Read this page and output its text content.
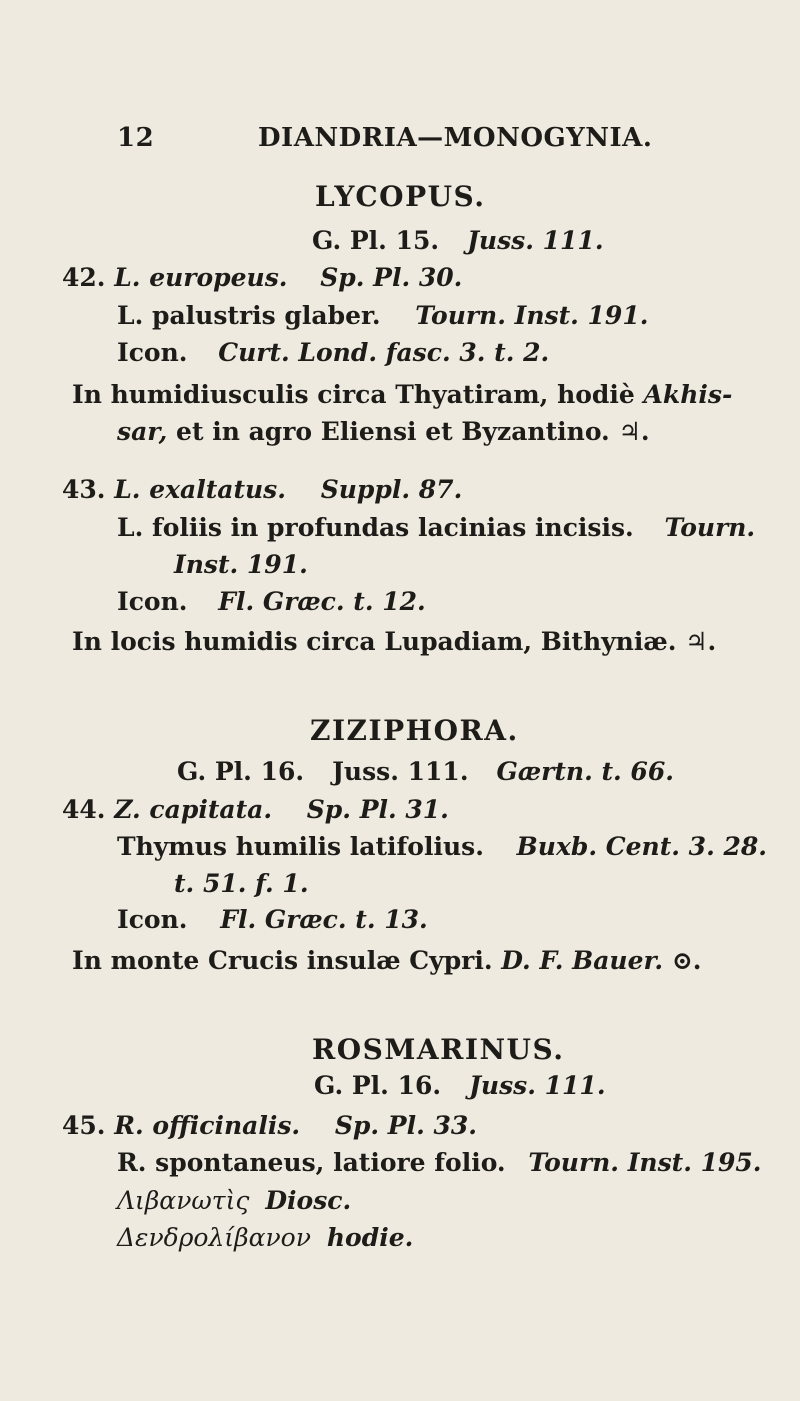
12	DIANDRIA—MONOGYNIA.
LYCOPUS.
G. Pl. 15. Juss. 111.
42. L. europeus. Sp. Pl. 30.
L. palustris glaber. Tourn. Inst. 191.
Icon. Curt. Lond. fasc. 3. t. 2.
In humidiusculis circa Thyatiram, hodiè Akhis-
sar, et in agro Eliensi et Byzantino. ♃.
43. L. exaltatus. Suppl. 87.
L. foliis in profundas lacinias incisis. Tourn.
Inst. 191.
Icon. Fl. Græc. t. 12.
In locis humidis circa Lupadiam, Bithyniæ. ♃.
ZIZIPHORA.
G. Pl. 16. Juss. 111. Gærtn. t. 66.
44. Z. capitata. Sp. Pl. 31.
Thymus humilis latifolius. Buxb. Cent. 3. 28.
t. 51. f. 1.
Icon. Fl. Græc. t. 13.
In monte Crucis insulæ Cypri. D. F. Bauer. ⊙.
ROSMARINUS.
G. Pl. 16. Juss. 111.
45. R. officinalis. Sp. Pl. 33.
R. spontaneus, latiore folio. Tourn. Inst. 195.
Λιβανωτὶς Diosc.
Δενδρολίβανον hodie.
